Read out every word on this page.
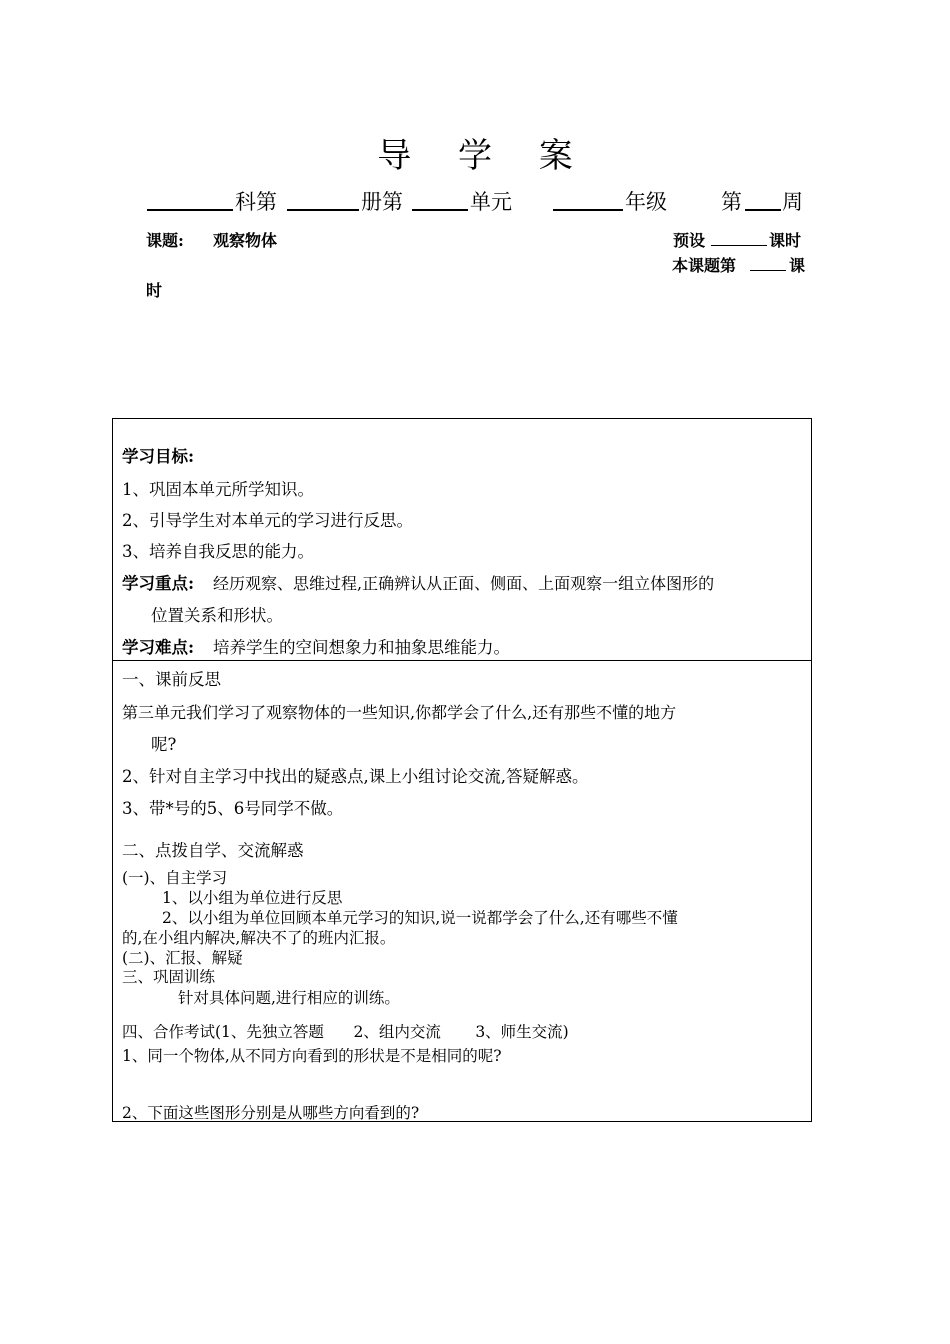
导 学 案
科第	册第	单元	年级	第 周
课题: 观察物体	预设	课时
本课题第	课
时
学习目标:
1、巩固本单元所学知识。
2、引导学生对本单元的学习进行反思。
3、培养自我反思的能力。
学习重点: 经历观察、思维过程,正确辨认从正面、侧面、上面观察一组立体图形的
位置关系和形状。
学习难点: 培养学生的空间想象力和抽象思维能力。
一、课前反思
第三单元我们学习了观察物体的一些知识,你都学会了什么,还有那些不懂的地方
呢?
2、针对自主学习中找出的疑惑点,课上小组讨论交流,答疑解惑。
3、带*号的5、6号同学不做。
二、点拨自学、交流解惑
(一)、自主学习
1、以小组为单位进行反思
2、以小组为单位回顾本单元学习的知识,说一说都学会了什么,还有哪些不懂
的,在小组内解决,解决不了的班内汇报。
(二)、汇报、解疑
三、巩固训练
针对具体问题,进行相应的训练。
四、合作考试(1、先独立答题      2、组内交流       3、师生交流)
1、同一个物体,从不同方向看到的形状是不是相同的呢?
2、下面这些图形分别是从哪些方向看到的?
